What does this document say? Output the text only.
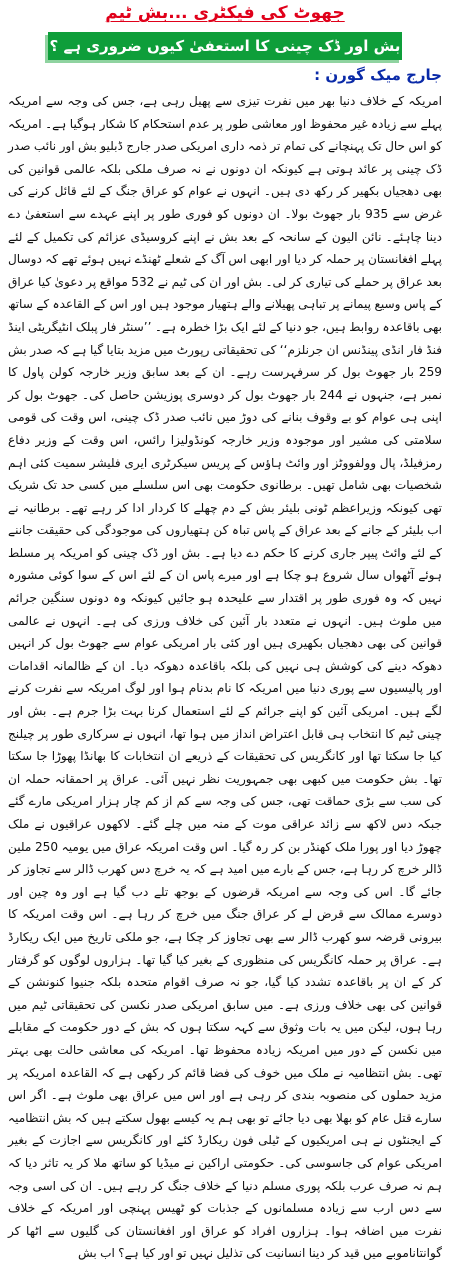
جھوٹ کی فیکٹری ...بش ٹیم
بش اور ڈک چینی کا استعفیٰ کیوں ضروری ہے ؟
جارج میک گورن :

امریکہ کے خلاف دنیا بھر میں نفرت تیزی سے پھیل رہی ہے، جس کی وجہ سے امریکہ پہلے سے زیادہ غیر محفوظ اور معاشی طور پر عدم استحکام کا شکار ہوگیا ہے۔ امریکہ کو اس حال تک پہنچانے کی تمام تر ذمہ داری امریکی صدر جارج ڈبلیو بش اور نائب صدر ڈک چینی پر عائد ہوتی ہے کیونکہ ان دونوں نے نہ صرف ملکی بلکہ عالمی قوانین کی بھی دھجیاں بکھیر کر رکھ دی ہیں۔ انہوں نے عوام کو عراق جنگ کے لئے قائل کرنے کی غرض سے 935 بار جھوٹ بولا۔ ان دونوں کو فوری طور پر اپنے عہدے سے استعفیٰ دے دینا چاہئے۔ نائن الیون کے سانحہ کے بعد بش نے اپنے کروسیڈی عزائم کی تکمیل کے لئے پہلے افغانستان پر حملہ کر دیا اور ابھی اس آگ کے شعلے ٹھنڈے نہیں ہوئے تھے کہ دوسال بعد عراق پر حملے کی تیاری کر لی۔ بش اور ان کی ٹیم نے 532 مواقع پر دعویٰ کیا عراق کے پاس وسیع پیمانے پر تباہی پھیلانے والے ہتھیار موجود ہیں اور اس کے القاعدہ کے ساتھ بھی باقاعدہ روابط ہیں، جو دنیا کے لئے ایک بڑا خطرہ ہے۔ ’’سنٹر فار پبلک انٹیگریٹی اینڈ فنڈ فار انڈی پینڈنس ان جرنلزم‘‘ کی تحقیقاتی رپورٹ میں مزید بتایا گیا ہے کہ صدر بش 259 بار جھوٹ بول کر سرفہرست رہے۔ ان کے بعد سابق وزیر خارجہ کولن پاول کا نمبر ہے، جنہوں نے 244 بار جھوٹ بول کر دوسری پوزیشن حاصل کی۔ جھوٹ بول کر اپنی ہی عوام کو بے وقوف بنانے کی دوڑ میں نائب صدر ڈک چینی، اس وقت کی قومی سلامتی کی مشیر اور موجودہ وزیر خارجہ کونڈولیزا رائس، اس وقت کے وزیر دفاع رمزفیلڈ، پال وولفووٹز اور وائٹ ہاؤس کے پریس سیکرٹری ایری فلیشر سمیت کئی اہم شخصیات بھی شامل تھیں۔ برطانوی حکومت بھی اس سلسلے میں کسی حد تک شریک تھی کیونکہ وزیراعظم ٹونی بلیئر بش کے دم چھلے کا کردار ادا کر رہے تھے۔ برطانیہ نے اب بلیئر کے جانے کے بعد عراق کے پاس تباہ کن ہتھیاروں کی موجودگی کی حقیقت جاننے کے لئے وائٹ پیپر جاری کرنے کا حکم دے دیا ہے۔ بش اور ڈک چینی کو امریکہ پر مسلط ہوئے آٹھواں سال شروع ہو چکا ہے اور میرے پاس ان کے لئے اس کے سوا کوئی مشورہ نہیں کہ وہ فوری طور پر اقتدار سے علیحدہ ہو جائیں کیونکہ وہ دونوں سنگین جرائم میں ملوث ہیں۔ انہوں نے متعدد بار آئین کی خلاف ورزی کی ہے۔ انہوں نے عالمی قوانین کی بھی دھجیاں بکھیری ہیں اور کئی بار امریکی عوام سے جھوٹ بول کر انہیں دھوکہ دینے کی کوشش ہی نہیں کی بلکہ باقاعدہ دھوکہ دیا۔ ان کے ظالمانہ اقدامات اور پالیسیوں سے پوری دنیا میں امریکہ کا نام بدنام ہوا اور لوگ امریکہ سے نفرت کرنے لگے ہیں۔ امریکی آئین کو اپنے جرائم کے لئے استعمال کرنا بہت بڑا جرم ہے۔ بش اور چینی ٹیم کا انتخاب ہی قابل اعتراض انداز میں ہوا تھا، انہوں نے سرکاری طور پر چیلنج کیا جا سکتا تھا اور کانگریس کی تحقیقات کے ذریعے ان انتخابات کا بھانڈا پھوڑا جا سکتا تھا۔ بش حکومت میں کبھی بھی جمہوریت نظر نہیں آئی۔ عراق پر احمقانہ حملہ ان کی سب سے بڑی حماقت تھی، جس کی وجہ سے کم از کم چار ہزار امریکی مارے گئے جبکہ دس لاکھ سے زائد عراقی موت کے منہ میں چلے گئے۔ لاکھوں عراقیوں نے ملک چھوڑ دیا اور پورا ملک کھنڈر بن کر رہ گیا۔ اس وقت امریکہ عراق میں یومیہ 250 ملین ڈالر خرچ کر رہا ہے، جس کے بارے میں امید ہے کہ یہ خرچ دس کھرب ڈالر سے تجاوز کر جائے گا۔ اس کی وجہ سے امریکہ قرضوں کے بوجھ تلے دب گیا ہے اور وہ چین اور دوسرے ممالک سے قرض لے کر عراق جنگ میں خرچ کر رہا ہے۔ اس وقت امریکہ کا بیرونی قرضہ سو کھرب ڈالر سے بھی تجاوز کر چکا ہے، جو ملکی تاریخ میں ایک ریکارڈ ہے۔ عراق پر حملہ کانگریس کی منظوری کے بغیر کیا گیا تھا۔ ہزاروں لوگوں کو گرفتار کر کے ان پر باقاعدہ تشدد کیا گیا، جو نہ صرف اقوام متحدہ بلکہ جنیوا کنونشن کے قوانین کی بھی خلاف ورزی ہے۔ میں سابق امریکی صدر نکسن کی تحقیقاتی ٹیم میں رہا ہوں، لیکن میں یہ بات وثوق سے کہہ سکتا ہوں کہ بش کے دور حکومت کے مقابلے میں نکسن کے دور میں امریکہ زیادہ محفوظ تھا۔ امریکہ کی معاشی حالت بھی بہتر تھی۔ بش انتظامیہ نے ملک میں خوف کی فضا قائم کر رکھی ہے کہ القاعدہ امریکہ پر مزید حملوں کی منصوبہ بندی کر رہی ہے اور اس میں عراق بھی ملوث ہے۔ اگر اس سارے قتل عام کو بھلا بھی دیا جائے تو بھی ہم یہ کیسے بھول سکتے ہیں کہ بش انتظامیہ کے ایجنٹوں نے ہی امریکیوں کے ٹیلی فون ریکارڈ کئے اور کانگریس سے اجازت کے بغیر امریکی عوام کی جاسوسی کی۔ حکومتی اراکین نے میڈیا کو ساتھ ملا کر یہ تاثر دیا کہ ہم نہ صرف عرب بلکہ پوری مسلم دنیا کے خلاف جنگ کر رہے ہیں۔ ان کی اسی وجہ سے دس ارب سے زیادہ مسلمانوں کے جذبات کو ٹھیس پہنچی اور امریکہ کے خلاف نفرت میں اضافہ ہوا۔ ہزاروں افراد کو عراق اور افغانستان کی گلیوں سے اٹھا کر گوانتاناموبے میں قید کر دینا انسانیت کی تذلیل نہیں تو اور کیا ہے؟ اب بش
